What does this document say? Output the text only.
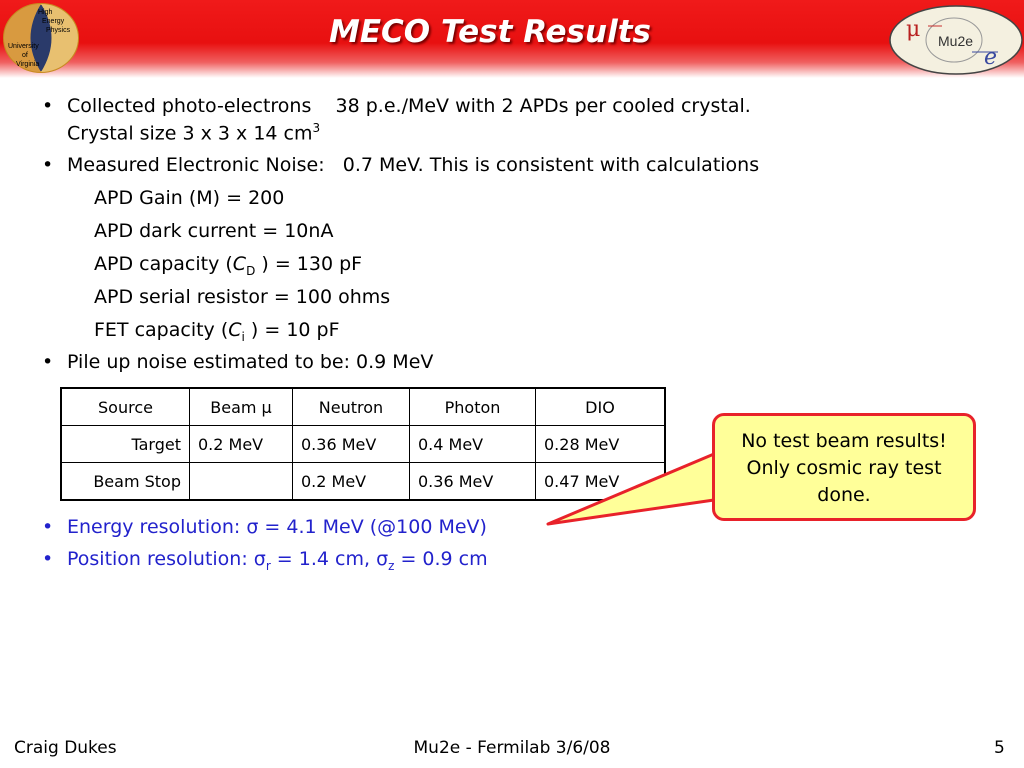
High
Energy
Physics
University
of
Virginia
MECO Test Results	μ Mu2e
e
• Collected photo-electrons 38 p.e./MeV with 2 APDs per cooled crystal.
Crystal size 3 x 3 x 14 $cm^3$
• Measured Electronic Noise: 0.7 MeV. This is consistent with calculations
APD Gain (M) = 200
APD dark current = 10nA
APD capacity ($C_D$ ) = 130 pF
APD serial resistor = 100 ohms
FET capacity ($C_i$ ) = 10 pF
• Pile up noise estimated to be: 0.9 MeV
Source	Beam μ	Neutron	Photon	DIO
Target	0.2 MeV	0.36 MeV	0.4 MeV	0.28 MeV
Beam Stop		0.2 MeV	0.36 MeV	0.47 MeV
• Energy resolution: σ = 4.1 MeV (@100 MeV)
• Position resolution: $\sigma_r = 1.4$ cm, $\sigma_z = 0.9$ cm
No test beam results!
Only cosmic ray test
done.
Craig Dukes	Mu2e - Fermilab 3/6/08	5
